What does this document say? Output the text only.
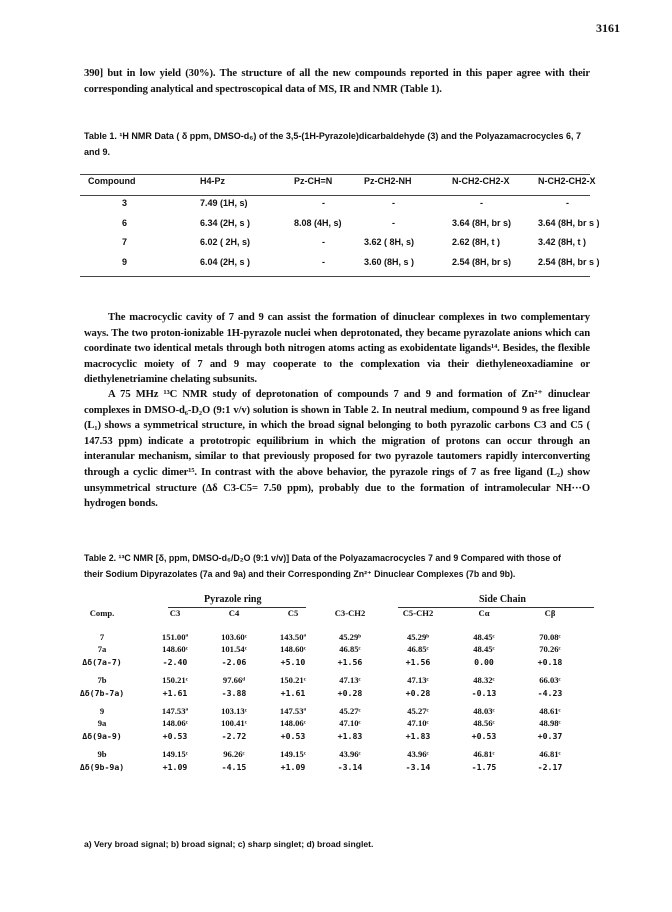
3161
390] but in low yield (30%). The structure of all the new compounds reported in this paper agree with their corresponding analytical and spectroscopical data of MS, IR and NMR (Table 1).
Table 1. ¹H NMR Data ( δ ppm, DMSO-d₆) of the 3,5-(1H-Pyrazole)dicarbaldehyde (3) and the Polyazamacrocycles 6, 7
and 9.
Compound	H4-Pz	Pz-CH=N	Pz-CH2-NH	N-CH2-CH2-X	N-CH2-CH2-X
3	7.49 (1H, s)	-	-	-	-
6	6.34 (2H, s )	8.08 (4H, s)	-	3.64 (8H, br s)	3.64 (8H, br s )
7	6.02 ( 2H, s)	-	3.62 ( 8H, s)	2.62 (8H, t )	3.42 (8H, t )
9	6.04 (2H, s )	-	3.60 (8H, s )	2.54 (8H, br s)	2.54 (8H, br s )
The macrocyclic cavity of 7 and 9 can assist the formation of dinuclear complexes in two complementary ways. The two proton-ionizable 1H-pyrazole nuclei when deprotonated, they became pyrazolate anions which can coordinate two identical metals through both nitrogen atoms acting as exobidentate ligands¹⁴. Besides, the flexible macrocyclic moiety of 7 and 9 may cooperate to the complexation via their diethyleneoxadiamine or diethylenetriamine chelating subsunits.
A 75 MHz ¹³C NMR study of deprotonation of compounds 7 and 9 and formation of Zn²⁺ dinuclear complexes in DMSO-d₆-D₂O (9:1 v/v) solution is shown in Table 2. In neutral medium, compound 9 as free ligand (L₁) shows a symmetrical structure, in which the broad signal belonging to both pyrazolic carbons C3 and C5 ( 147.53 ppm) indicate a prototropic equilibrium in which the migration of protons can occur through an interanular mechanism, similar to that previously proposed for two pyrazole tautomers rapidly interconverting through a cyclic dimer¹⁵. In contrast with the above behavior, the pyrazole rings of 7 as free ligand (L₂) show unsymmetrical structure (Δδ C3-C5= 7.50 ppm), probably due to the formation of intramolecular NH···O hydrogen bonds.
Table 2. ¹³C NMR [δ, ppm, DMSO-d₆/D₂O (9:1 v/v)] Data of the Polyazamacrocycles 7 and 9 Compared with those of
their Sodium Dipyrazolates (7a and 9a) and their Corresponding Zn²⁺ Dinuclear Complexes (7b and 9b).
Pyrazole ring	Side Chain
Comp.	C3	C4	C5	C3-CH2	C5-CH2	Cα	Cβ
7	151.00ª	103.60ᶜ	143.50ª	45.29ᵇ	45.29ᵇ	48.45ᶜ	70.08ᶜ
7a	148.60ᶜ	101.54ᶜ	148.60ᶜ	46.85ᶜ	46.85ᶜ	48.45ᶜ	70.26ᶜ
Δδ(7a-7)	-2.40	-2.06	+5.10	+1.56	+1.56	0.00	+0.18
7b	150.21ᶜ	97.66ᵈ	150.21ᶜ	47.13ᶜ	47.13ᶜ	48.32ᶜ	66.03ᶜ
Δδ(7b-7a)	+1.61	-3.88	+1.61	+0.28	+0.28	-0.13	-4.23
9	147.53ª	103.13ᶜ	147.53ª	45.27ᶜ	45.27ᶜ	48.03ᶜ	48.61ᶜ
9a	148.06ᶜ	100.41ᶜ	148.06ᶜ	47.10ᶜ	47.10ᶜ	48.56ᶜ	48.98ᶜ
Δδ(9a-9)	+0.53	-2.72	+0.53	+1.83	+1.83	+0.53	+0.37
9b	149.15ᶜ	96.26ᶜ	149.15ᶜ	43.96ᶜ	43.96ᶜ	46.81ᶜ	46.81ᶜ
Δδ(9b-9a)	+1.09	-4.15	+1.09	-3.14	-3.14	-1.75	-2.17
a) Very broad signal; b) broad signal; c) sharp singlet; d) broad singlet.
